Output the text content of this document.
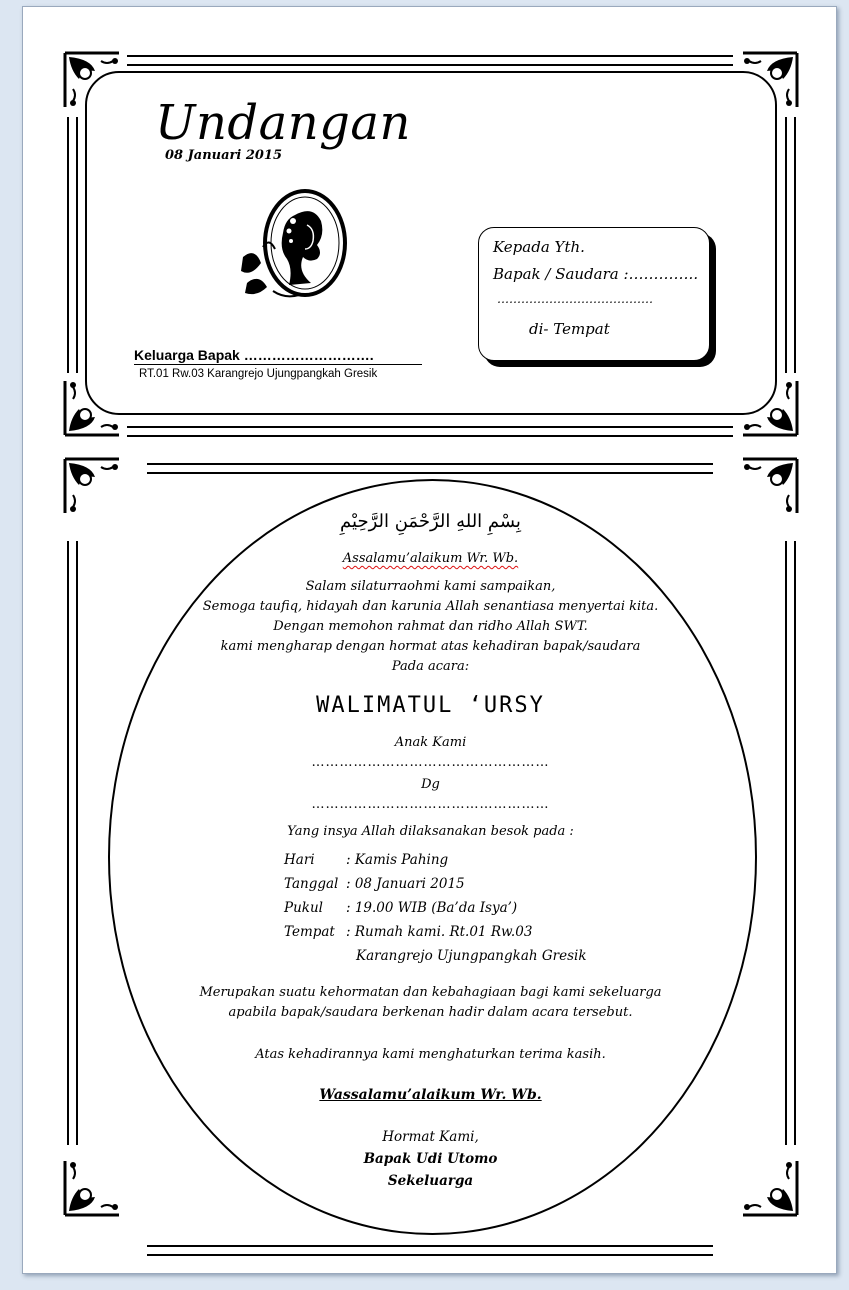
Undangan
08 Januari 2015
Keluarga Bapak ……………………….
RT.01 Rw.03 Karangrejo Ujungpangkah Gresik
Kepada Yth.
Bapak / Saudara :…………..
…………………………………
di- Tempat
بِسْمِ اللهِ الرَّحْمَنِ الرَّحِيْمِ
Assalamu’alaikum Wr. Wb.
Salam silaturraohmi kami sampaikan,
Semoga taufiq, hidayah dan karunia Allah senantiasa menyertai kita.
Dengan memohon rahmat dan ridho Allah SWT.
kami mengharap dengan hormat atas kehadiran bapak/saudara
Pada acara:
WALIMATUL ‘URSY
Anak Kami
……………………………………………
Dg
……………………………………………
Yang insya Allah dilaksanakan besok pada :
Hari : Kamis Pahing
Tanggal : 08 Januari 2015
Pukul : 19.00 WIB (Ba’da Isya’)
Tempat : Rumah kami. Rt.01 Rw.03
Karangrejo Ujungpangkah Gresik
Merupakan suatu kehormatan dan kebahagiaan bagi kami sekeluarga
apabila bapak/saudara berkenan hadir dalam acara tersebut.
Atas kehadirannya kami menghaturkan terima kasih.
Wassalamu’alaikum Wr. Wb.
Hormat Kami,
Bapak Udi Utomo
Sekeluarga
